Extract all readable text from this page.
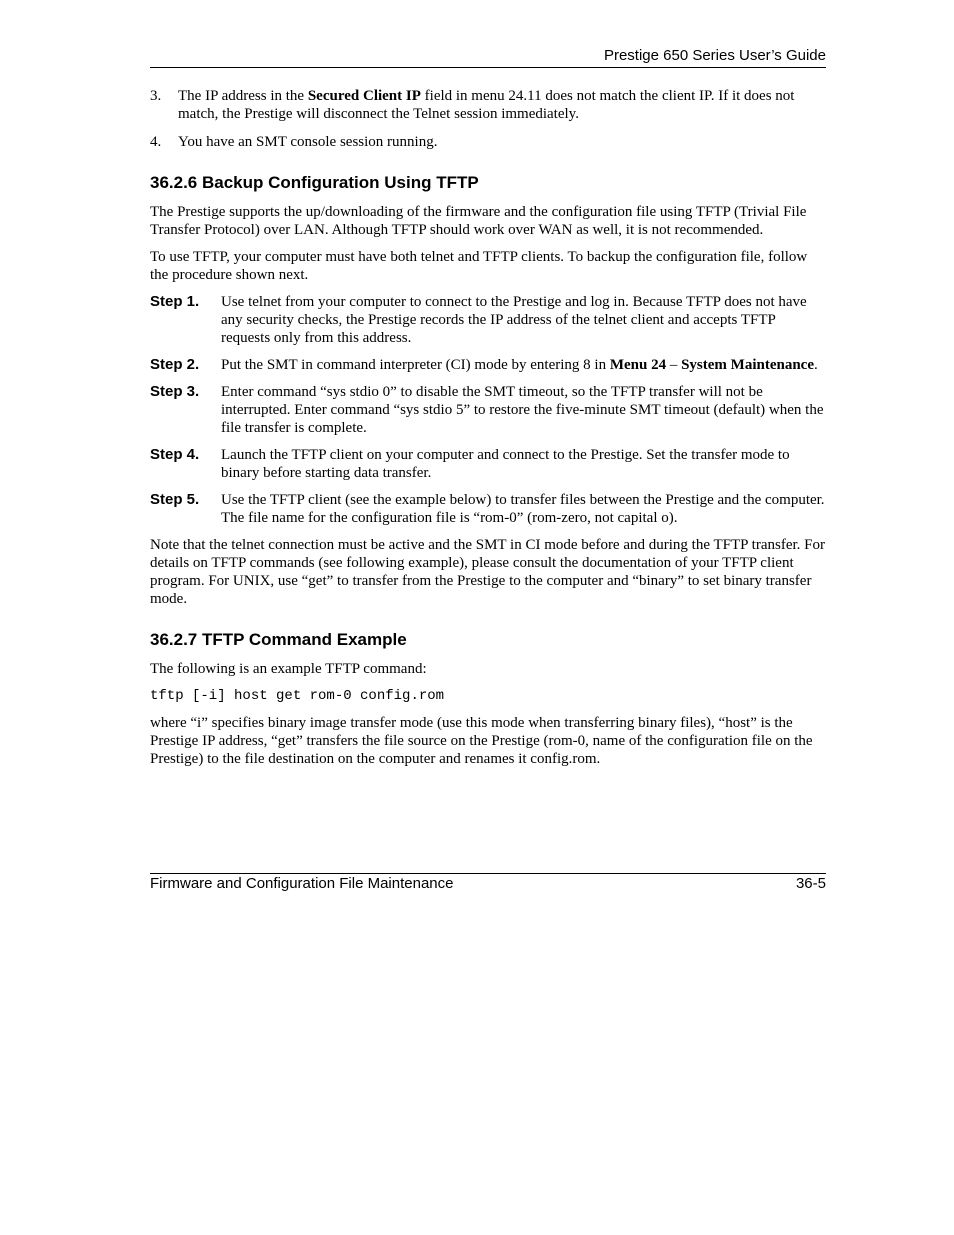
Prestige 650 Series User’s Guide
3.	The IP address in the Secured Client IP field in menu 24.11 does not match the client IP. If it does not match, the Prestige will disconnect the Telnet session immediately.
4.	You have an SMT console session running.
36.2.6 Backup Configuration Using TFTP

The Prestige supports the up/downloading of the firmware and the configuration file using TFTP (Trivial File Transfer Protocol) over LAN. Although TFTP should work over WAN as well, it is not recommended.

To use TFTP, your computer must have both telnet and TFTP clients. To backup the configuration file, follow the procedure shown next.

Step 1.	Use telnet from your computer to connect to the Prestige and log in. Because TFTP does not have any security checks, the Prestige records the IP address of the telnet client and accepts TFTP requests only from this address.
Step 2.	Put the SMT in command interpreter (CI) mode by entering 8 in Menu 24 – System Maintenance.
Step 3.	Enter command “sys stdio 0” to disable the SMT timeout, so the TFTP transfer will not be interrupted. Enter command “sys stdio 5” to restore the five-minute SMT timeout (default) when the file transfer is complete.
Step 4.	Launch the TFTP client on your computer and connect to the Prestige. Set the transfer mode to binary before starting data transfer.
Step 5.	Use the TFTP client (see the example below) to transfer files between the Prestige and the computer. The file name for the configuration file is “rom-0” (rom-zero, not capital o).

Note that the telnet connection must be active and the SMT in CI mode before and during the TFTP transfer. For details on TFTP commands (see following example), please consult the documentation of your TFTP client program. For UNIX, use “get” to transfer from the Prestige to the computer and “binary” to set binary transfer mode.

36.2.7 TFTP Command Example

The following is an example TFTP command:

tftp [-i] host get rom-0 config.rom

where “i” specifies binary image transfer mode (use this mode when transferring binary files), “host” is the Prestige IP address, “get” transfers the file source on the Prestige (rom-0, name of the configuration file on the Prestige) to the file destination on the computer and renames it config.rom.

Firmware and Configuration File Maintenance	36-5
